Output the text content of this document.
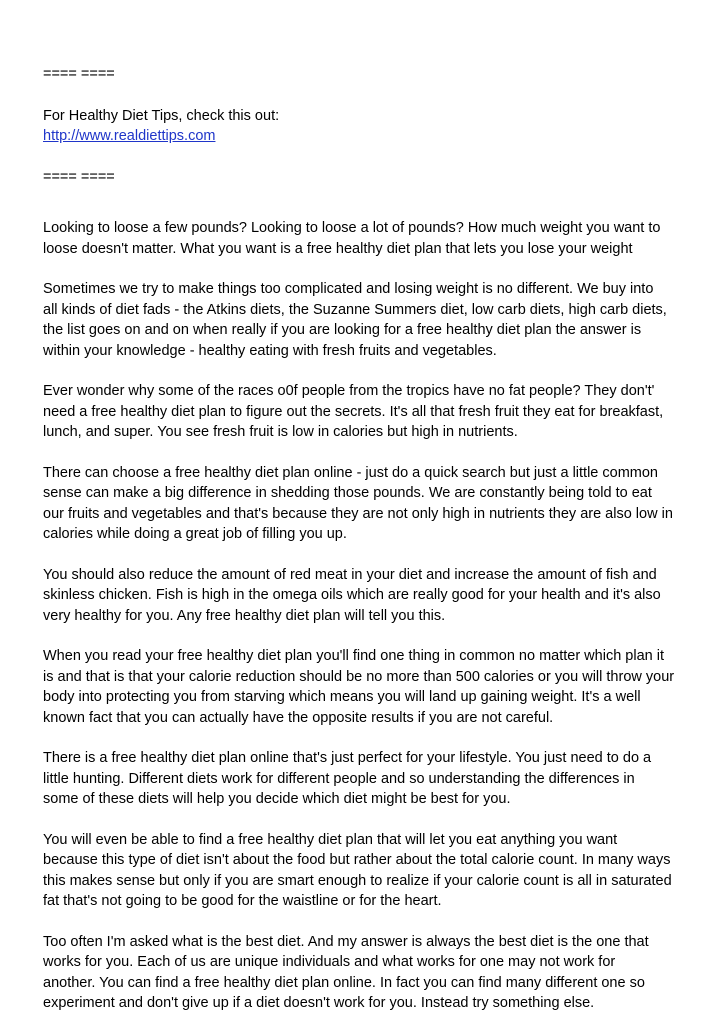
==== ====
For Healthy Diet Tips, check this out:
http://www.realdiettips.com
==== ====
Looking to loose a few pounds? Looking to loose a lot of pounds? How much weight you want to
loose doesn't matter. What you want is a free healthy diet plan that lets you lose your weight
Sometimes we try to make things too complicated and losing weight is no different. We buy into
all kinds of diet fads - the Atkins diets, the Suzanne Summers diet, low carb diets, high carb diets,
the list goes on and on when really if you are looking for a free healthy diet plan the answer is
within your knowledge - healthy eating with fresh fruits and vegetables.
Ever wonder why some of the races o0f people from the tropics have no fat people? They don't'
need a free healthy diet plan to figure out the secrets. It's all that fresh fruit they eat for breakfast,
lunch, and super. You see fresh fruit is low in calories but high in nutrients.
There can choose a free healthy diet plan online - just do a quick search but just a little common
sense can make a big difference in shedding those pounds. We are constantly being told to eat
our fruits and vegetables and that's because they are not only high in nutrients they are also low in
calories while doing a great job of filling you up.
You should also reduce the amount of red meat in your diet and increase the amount of fish and
skinless chicken. Fish is high in the omega oils which are really good for your health and it's also
very healthy for you. Any free healthy diet plan will tell you this.
When you read your free healthy diet plan you'll find one thing in common no matter which plan it
is and that is that your calorie reduction should be no more than 500 calories or you will throw your
body into protecting you from starving which means you will land up gaining weight. It's a well
known fact that you can actually have the opposite results if you are not careful.
There is a free healthy diet plan online that's just perfect for your lifestyle. You just need to do a
little hunting. Different diets work for different people and so understanding the differences in
some of these diets will help you decide which diet might be best for you.
You will even be able to find a free healthy diet plan that will let you eat anything you want
because this type of diet isn't about the food but rather about the total calorie count. In many ways
this makes sense but only if you are smart enough to realize if your calorie count is all in saturated
fat that's not going to be good for the waistline or for the heart.
Too often I'm asked what is the best diet. And my answer is always the best diet is the one that
works for you. Each of us are unique individuals and what works for one may not work for
another. You can find a free healthy diet plan online. In fact you can find many different one so
experiment and don't give up if a diet doesn't work for you. Instead try something else.
